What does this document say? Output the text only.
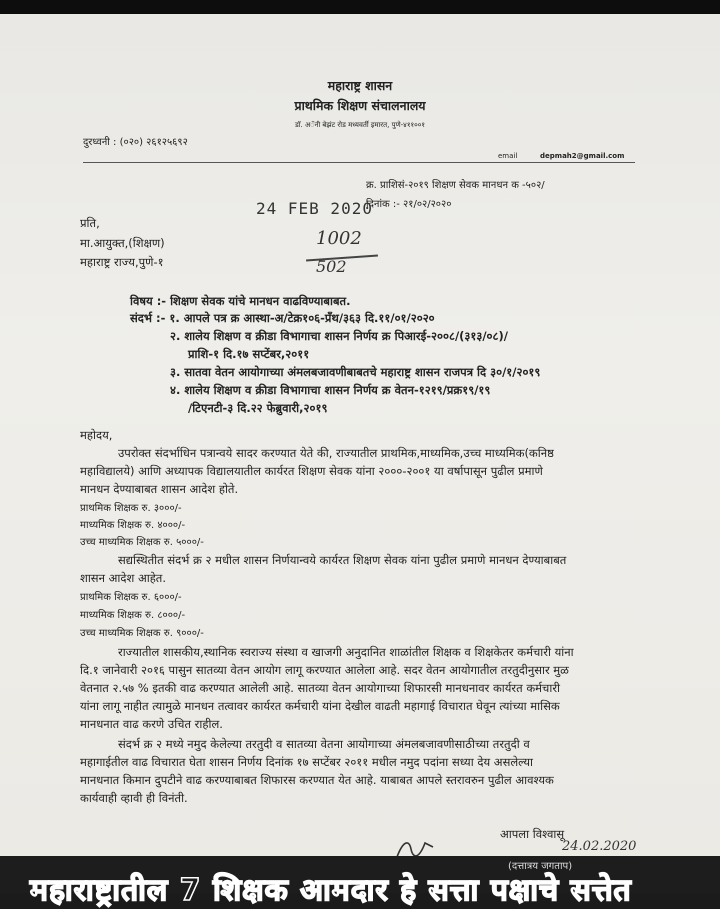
महाराष्ट्र शासन
प्राथमिक शिक्षण संचालनालय
डॉ. अॅनी बेझंट रोड मध्यवर्ती इमारत, पुणे-४११००१
दुरध्वनी : (०२०) २६१२५६९२
email	depmah2@gmail.com
क्र. प्राशिसं-२०१९ शिक्षण सेवक मानधन क -५०२/
दिनांक :- २१/०२/२०२०
24 FEB 2020
प्रति,
मा.आयुक्त,(शिक्षण)
महाराष्ट्र राज्य,पुणे-१
1002
502
विषय :- शिक्षण सेवक यांचे मानधन वाढविण्याबाबत.
संदर्भ :- १. आपले पत्र क्र आस्था-अ/टेक्र१०६-प्रँथ/३६३ दि.११/०१/२०२०
२. शालेय शिक्षण व क्रीडा विभागाचा शासन निर्णय क्र पिआरई-२००८/(३१३/०८)/
प्राशि-१ दि.१७ सप्टेंबर,२०११
३. सातवा वेतन आयोगाच्या अंमलबजावणीबाबतचे महाराष्ट्र शासन राजपत्र दि ३०/१/२०१९
४. शालेय शिक्षण व क्रीडा विभागाचा शासन निर्णय क्र वेतन-१२१९/प्रक्र१९/१९
/टिएनटी-३ दि.२२ फेब्रुवारी,२०१९
महोदय,
उपरोक्त संदर्भाधिन पत्रान्वये सादर करण्यात येते की, राज्यातील प्राथमिक,माध्यमिक,उच्च माध्यमिक(कनिष्ठ
महाविद्यालये) आणि अध्यापक विद्यालयातील कार्यरत शिक्षण सेवक यांना २०००-२००१ या वर्षापासून पुढील प्रमाणे
मानधन देण्याबाबत शासन आदेश होते.
प्राथमिक शिक्षक रु. ३०००/-
माध्यमिक शिक्षक रु. ४०००/-
उच्च माध्यमिक शिक्षक रु. ५०००/-
सद्यस्थितीत संदर्भ क्र २ मधील शासन निर्णयान्वये कार्यरत शिक्षण सेवक यांना पुढील प्रमाणे मानधन देण्याबाबत
शासन आदेश आहेत.
प्राथमिक शिक्षक रु. ६०००/-
माध्यमिक शिक्षक रु. ८०००/-
उच्च माध्यमिक शिक्षक रु. ९०००/-
राज्यातील शासकीय,स्थानिक स्वराज्य संस्था व खाजगी अनुदानित शाळांतील शिक्षक व शिक्षकेतर कर्मचारी यांना
दि.१ जानेवारी २०१६ पासुन सातव्या वेतन आयोग लागू करण्यात आलेला आहे. सदर वेतन आयोगातील तरतुदीनुसार मुळ
वेतनात २.५७ % इतकी वाढ करण्यात आलेली आहे. सातव्या वेतन आयोगाच्या शिफारसी मानधनावर कार्यरत कर्मचारी
यांना लागू नाहीत त्यामुळे मानधन तत्वावर कार्यरत कर्मचारी यांना देखील वाढती महागाई विचारात घेवून त्यांच्या मासिक
मानधनात वाढ करणे उचित राहील.
संदर्भ क्र २ मध्ये नमुद केलेल्या तरतुदी व सातव्या वेतना आयोगाच्या अंमलबजावणीसाठीच्या तरतुदी व
महागाईतील वाढ विचारात घेता शासन निर्णय दिनांक १७ सप्टेंबर २०११ मधील नमुद पदांना सध्या देय असलेल्या
मानधनात किमान दुपटीने वाढ करण्याबाबत शिफारस करण्यात येत आहे. याबाबत आपले स्तरावरुन पुढील आवश्यक
कार्यवाही व्हावी ही विनंती.
आपला विश्वासू
24.02.2020
(दत्तात्रय जगताप)
महाराष्ट्रातील 7 शिक्षक आमदार हे सत्ता पक्षाचे सत्तेत
